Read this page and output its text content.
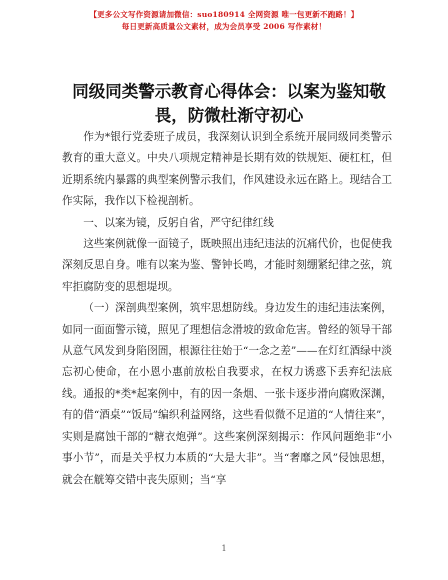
【更多公文写作资源请加微信：suo180914 全网资源 唯一包更新不跑路！】
每日更新高质量公文素材，成为会员享受 2006 写作素材！
同级同类警示教育心得体会：以案为鉴知敬畏，防微杜渐守初心

作为*银行党委班子成员，我深刻认识到全系统开展同级同类警示教育的重大意义。中央八项规定精神是长期有效的铁规矩、硬杠杠，但近期系统内暴露的典型案例警示我们，作风建设永远在路上。现结合工作实际，我作以下检视剖析。

一、以案为镜，反躬自省，严守纪律红线

这些案例就像一面镜子，既映照出违纪违法的沉痛代价，也促使我深刻反思自身。唯有以案为鉴、警钟长鸣，才能时刻绷紧纪律之弦，筑牢拒腐防变的思想堤坝。

（一）深剖典型案例，筑牢思想防线。身边发生的违纪违法案例，如同一面面警示镜，照见了理想信念滑坡的致命危害。曾经的领导干部从意气风发到身陷囹圄，根源往往始于“一念之差”——在灯红酒绿中淡忘初心使命，在小恩小惠前放松自我要求，在权力诱惑下丢弃纪法底线。通报的*类*起案例中，有的因一条烟、一张卡逐步滑向腐败深渊，有的借“酒桌”“饭局”编织利益网络，这些看似微不足道的“人情往来”，实则是腐蚀干部的“糖衣炮弹”。这些案例深刻揭示：作风问题绝非“小事小节”，而是关乎权力本质的“大是大非”。当“奢靡之风”侵蚀思想，就会在觥筹交错中丧失原则；当“享

1
